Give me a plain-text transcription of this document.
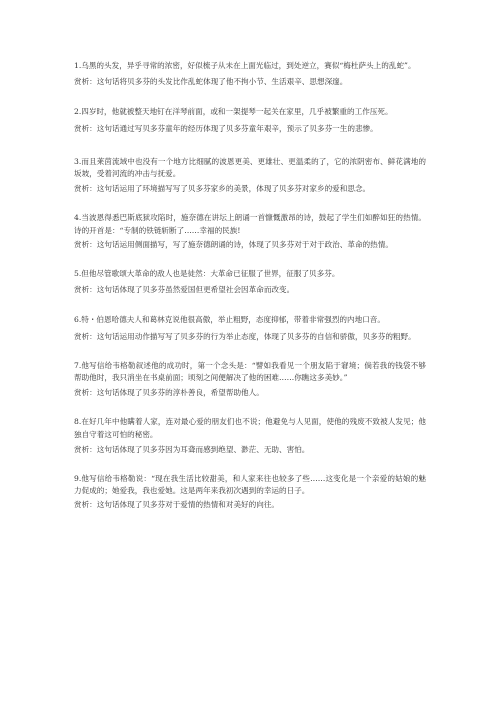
1.乌黑的头发，异乎寻常的浓密，好似梳子从未在上面光临过，到处逆立，赛似“梅杜萨头上的乱蛇”。

赏析：这句话将贝多芬的头发比作乱蛇体现了他不拘小节、生活艰辛、思想深邃。

2.四岁时，他就被整天地钉在洋琴前面，或和一架提琴一起关在家里，几乎被繁重的工作压死。

赏析：这句话通过写贝多芬童年的经历体现了贝多芬童年艰辛，预示了贝多芬一生的悲惨。

3.而且莱茵流域中也没有一个地方比细腻的波恩更美、更雄壮、更温柔的了，它的浓阴密布、鲜花满地的坂坡，受着河流的冲击与抚爱。

赏析：这句话运用了环境描写写了贝多芬家乡的美景，体现了贝多芬对家乡的爱和思念。

4.当波恩得悉巴斯底狱攻陷时，施奈德在讲坛上朗诵一首慷慨激昂的诗，鼓起了学生们如醉如狂的热情。诗的开首是：“专制的铁链斩断了……幸福的民族!

赏析：这句话运用侧面描写，写了施奈德朗诵的诗，体现了贝多芬对于对于政治、革命的热情。

5.但他尽管歌颂大革命的敌人也是徒然：大革命已征服了世界，征服了贝多芬。

赏析：这句话体现了贝多芬虽然爱国但更希望社会因革命而改变。

6.特・伯恩哈德夫人和葛林克说他很高傲，举止粗野，态度抑郁，带着非常强烈的内地口音。

赏析：这句话运用动作描写写了贝多芬的行为举止态度，体现了贝多芬的自信和骄傲，贝多芬的粗野。

7.他写信给韦格勒叙述他的成功时，第一个念头是：“譬如我看见一个朋友陷于窘境；倘若我的钱袋不够帮助他时，我只消坐在书桌前面；顷刻之间便解决了他的困难……你瞧这多美妙。”

赏析：这句话体现了贝多芬的淳朴善良，希望帮助他人。

8.在好几年中他瞒着人家，连对最心爱的朋友们也不说；他避免与人见面，使他的残废不致被人发见；他独自守着这可怕的秘密。

赏析：这句话体现了贝多芬因为耳聋而感到绝望、渺茫、无助、害怕。

9.他写信给韦格勒说：“现在我生活比较甜美，和人家来往也较多了些……这变化是一个亲爱的姑娘的魅力促成的；她爱我，我也爱她。这是两年来我初次遇到的幸运的日子。

赏析：这句话体现了贝多芬对于爱情的热情和对美好的向往。
